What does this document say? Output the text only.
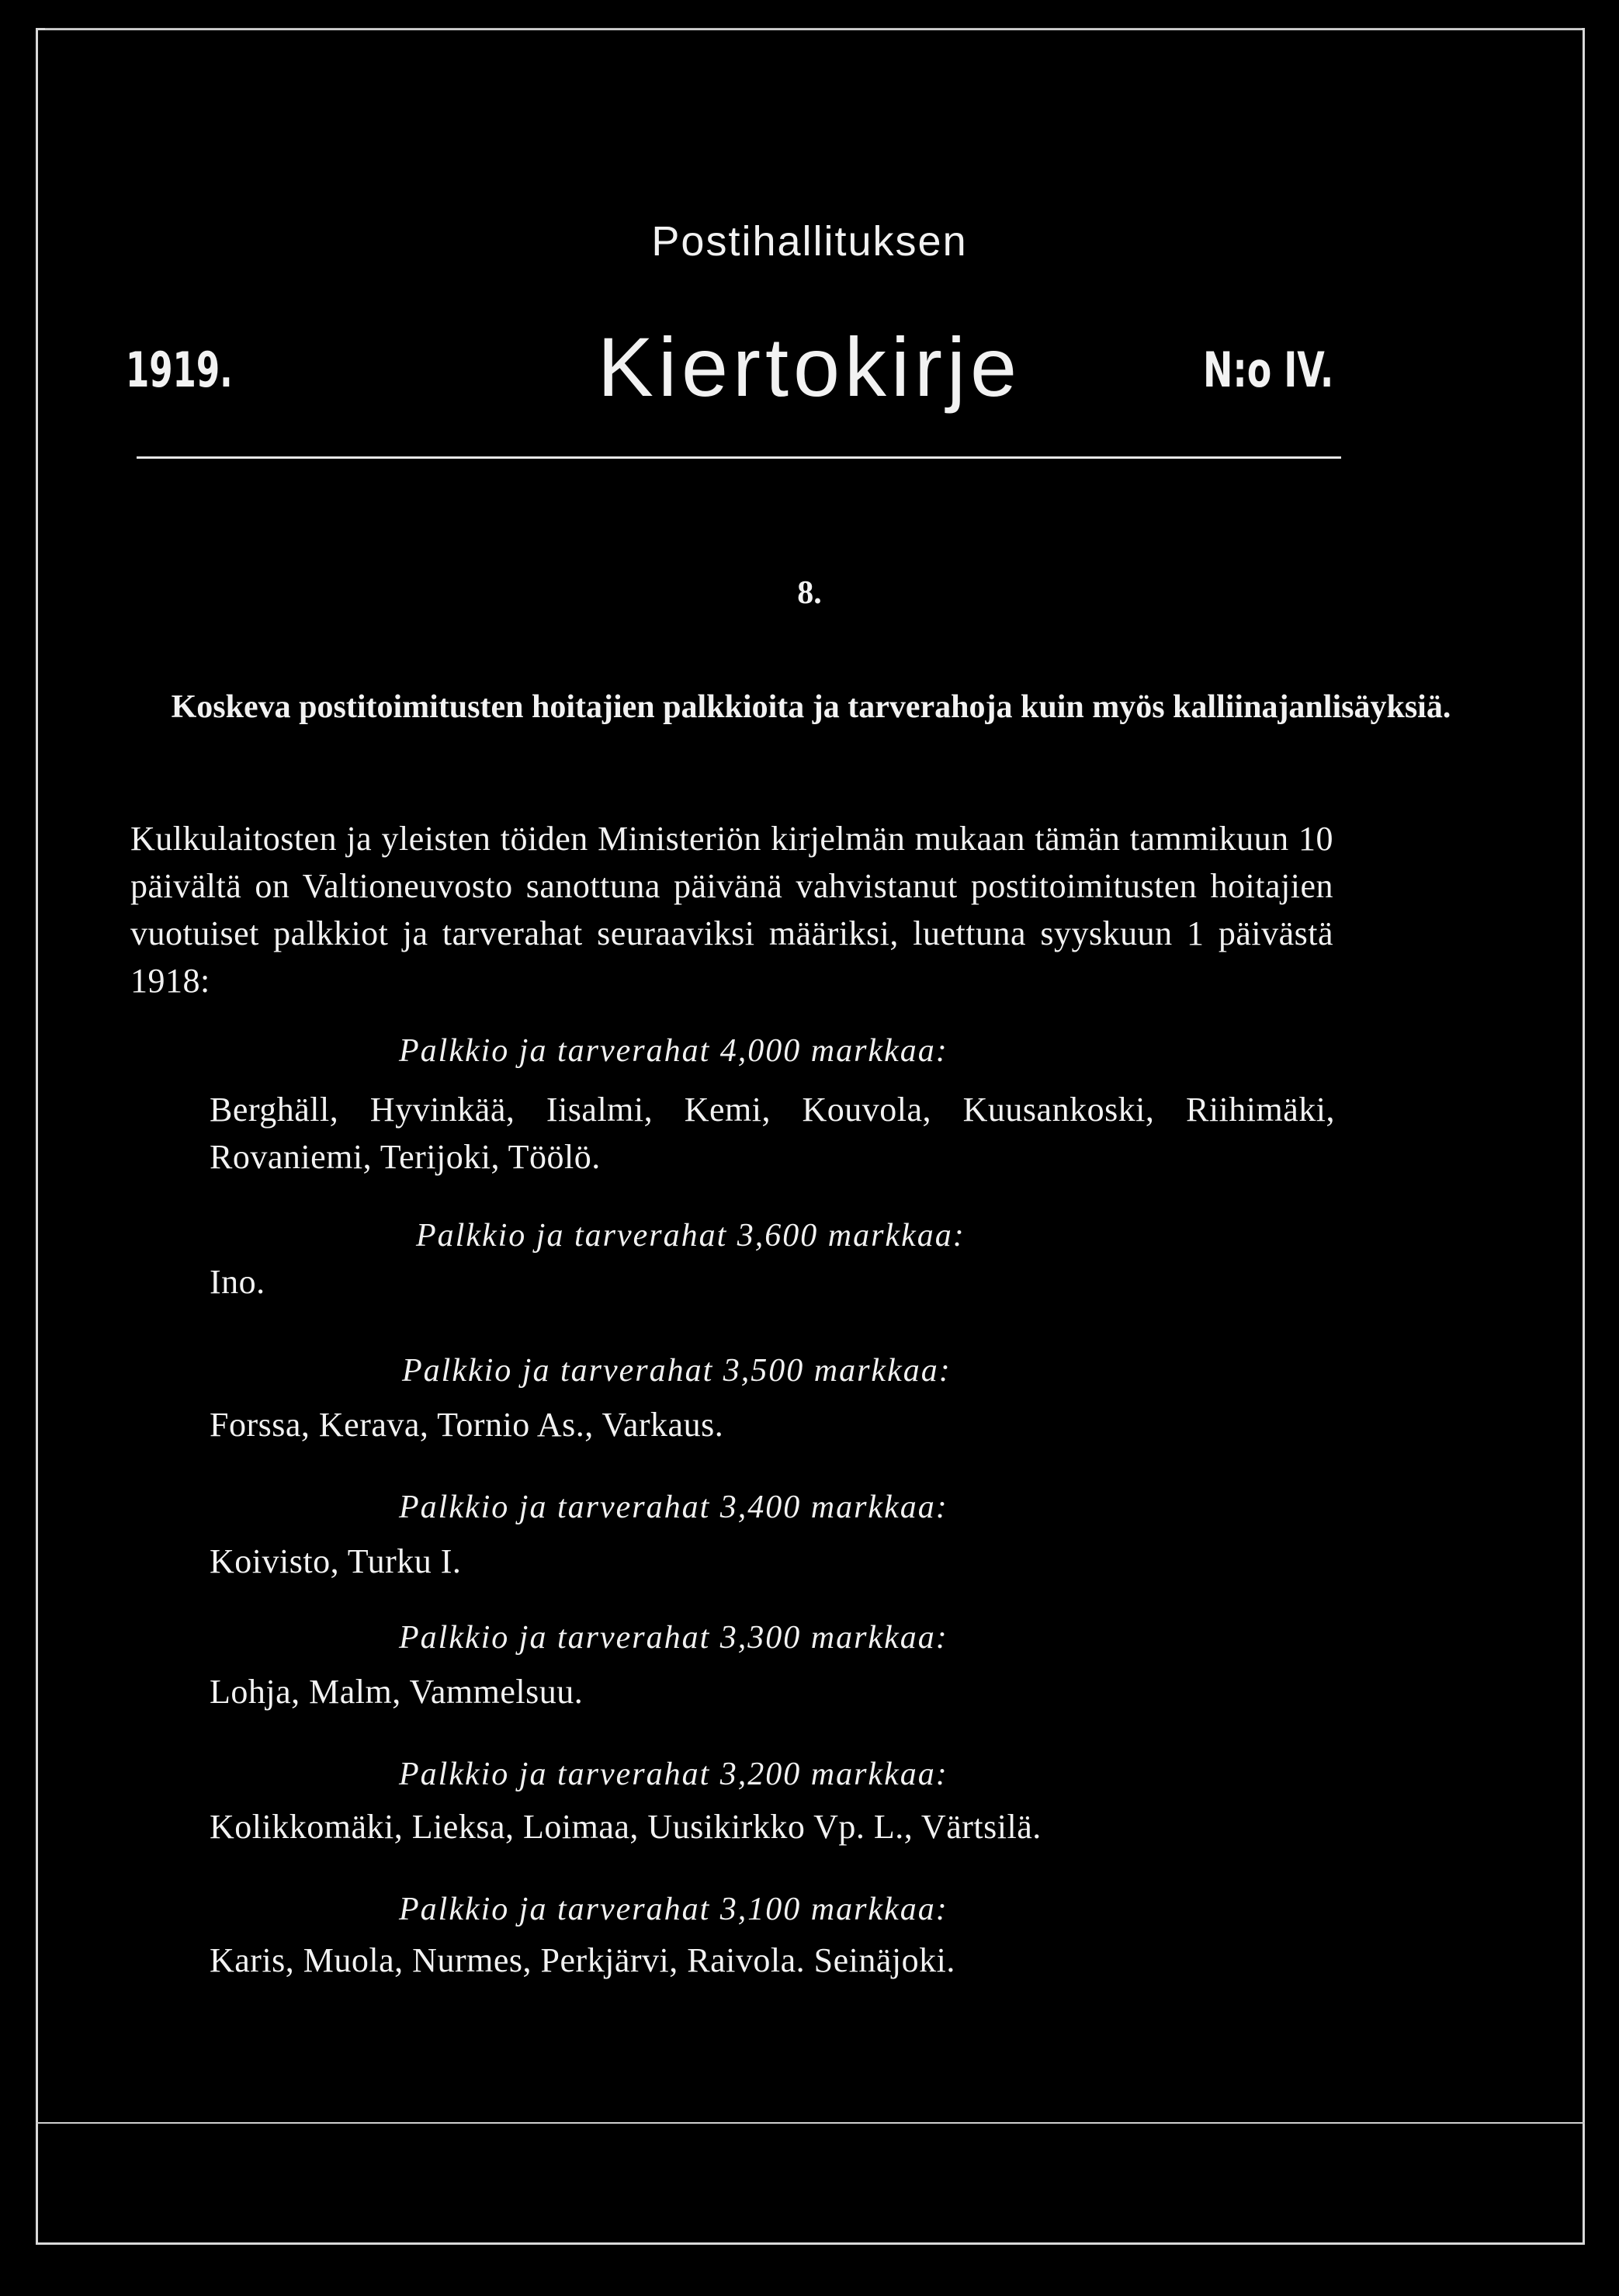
Postihallituksen
1919.	Kiertokirje	N:o IV.
8.
Koskeva postitoimitusten hoitajien palkkioita ja tarverahoja kuin myös kalliinajanlisäyksiä.
Kulkulaitosten ja yleisten töiden Ministeriön kirjelmän mukaan tämän tammikuun 10 päivältä on Valtioneuvosto sanottuna päivänä vahvistanut postitoimitusten hoitajien vuotuiset palkkiot ja tarverahat seuraaviksi määriksi, luettuna syyskuun 1 päivästä 1918:
Palkkio ja tarverahat 4,000 markkaa:
Berghäll, Hyvinkää, Iisalmi, Kemi, Kouvola, Kuusankoski, Riihimäki, Rovaniemi, Terijoki, Töölö.
Palkkio ja tarverahat 3,600 markkaa:
Ino.
Palkkio ja tarverahat 3,500 markkaa:
Forssa, Kerava, Tornio As., Varkaus.
Palkkio ja tarverahat 3,400 markkaa:
Koivisto, Turku I.
Palkkio ja tarverahat 3,300 markkaa:
Lohja, Malm, Vammelsuu.
Palkkio ja tarverahat 3,200 markkaa:
Kolikkomäki, Lieksa, Loimaa, Uusikirkko Vp. L., Värtsilä.
Palkkio ja tarverahat 3,100 markkaa:
Karis, Muola, Nurmes, Perkjärvi, Raivola. Seinäjoki.
